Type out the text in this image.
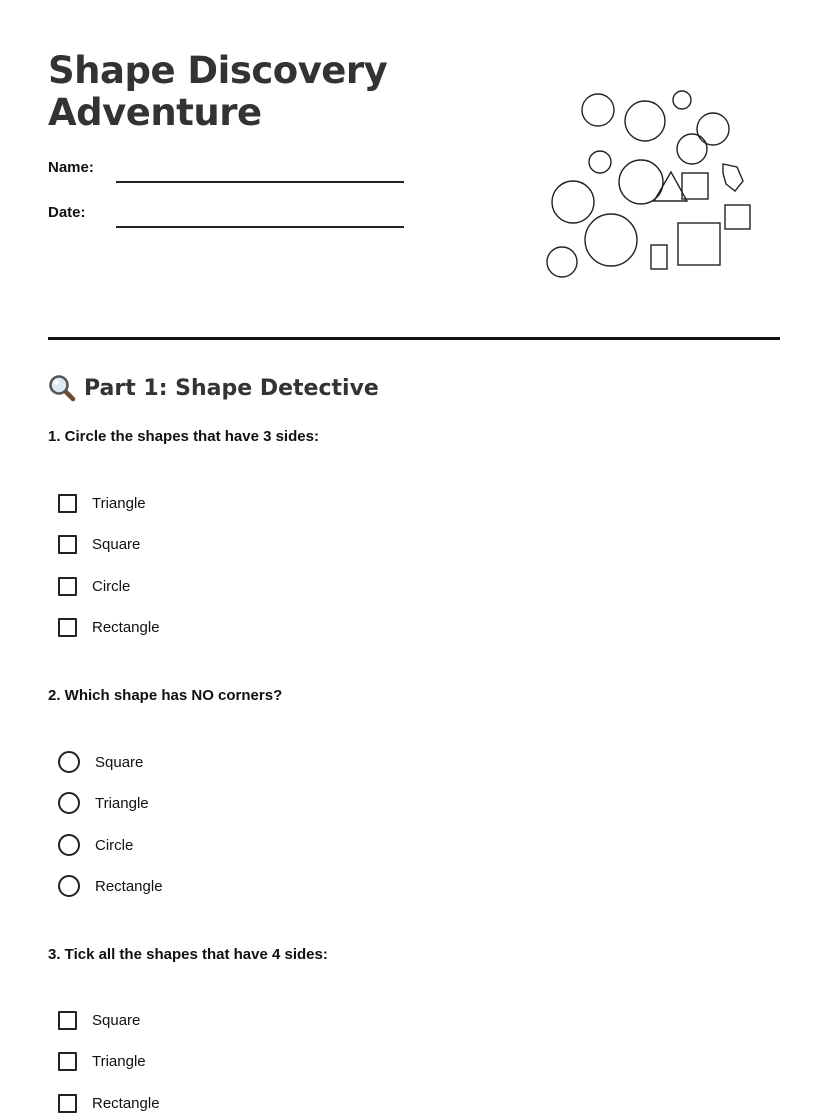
Shape Discovery
Adventure
Name:
Date:
Part 1: Shape Detective
1. Circle the shapes that have 3 sides:
Triangle
Square
Circle
Rectangle
2. Which shape has NO corners?
Square
Triangle
Circle
Rectangle
3. Tick all the shapes that have 4 sides:
Square
Triangle
Rectangle
